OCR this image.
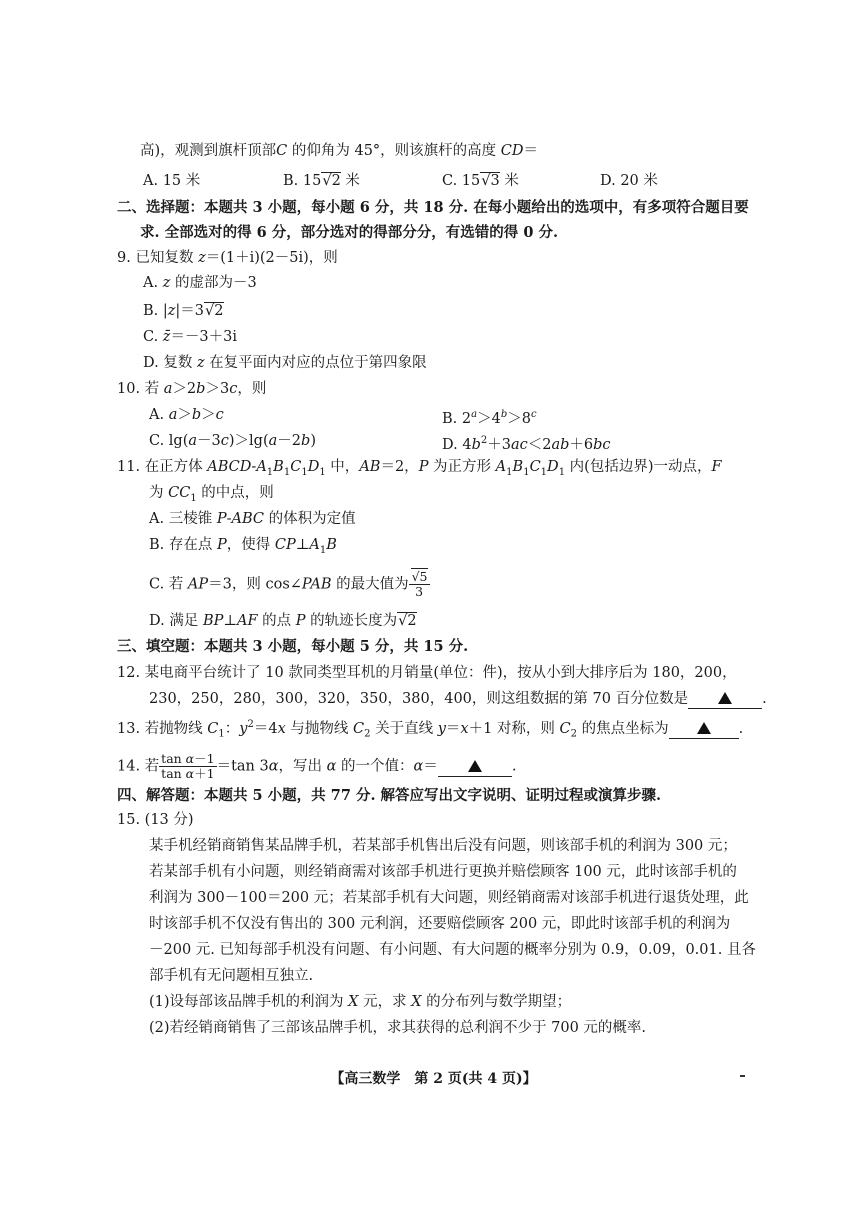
高)，观测到旗杆顶部C 的仰角为 45°，则该旗杆的高度 CD＝
A. 15 米	B. 15√2 米	C. 15√3 米	D. 20 米
二、选择题：本题共 3 小题，每小题 6 分，共 18 分. 在每小题给出的选项中，有多项符合题目要
求. 全部选对的得 6 分，部分选对的得部分分，有选错的得 0 分.
9. 已知复数 z＝(1＋i)(2－5i)，则
A. z 的虚部为－3
B. |z|＝3√2
C. z̄＝－3＋3i
D. 复数 z 在复平面内对应的点位于第四象限
10. 若 a＞2b＞3c，则
A. a＞b＞c	B. $2^a>4^b>8^c$
C. lg(a－3c)＞lg(a－2b)	D. $4b^2+3ac<2ab+6bc$
11. 在正方体 ABCD-$A_1B_1C_1D_1$ 中，AB＝2，P 为正方形 $A_1B_1C_1D_1$ 内(包括边界)一动点，F
为 $CC_1$ 的中点，则
A. 三棱锥 P-ABC 的体积为定值
B. 存在点 P，使得 $CP\perp A_1B$
C. 若 AP＝3，则 cos∠PAB 的最大值为 $\frac{√5}{3}$
D. 满足 BP⊥AF 的点 P 的轨迹长度为√2
三、填空题：本题共 3 小题，每小题 5 分，共 15 分.
12. 某电商平台统计了 10 款同类型耳机的月销量(单位：件)，按从小到大排序后为 180，200，
230，250，280，300，320，350，380，400，则这组数据的第 70 百分位数是	.
13. 若抛物线 $C_1$：$y^2=4x$ 与抛物线 $C_2$ 关于直线 y＝x＋1 对称，则 $C_2$ 的焦点坐标为	.
14. 若 $\frac{\text{tan α－1}}{\text{tan α＋1}} =\tan$ 3α，写出 α 的一个值：α＝	.
四、解答题：本题共 5 小题，共 77 分. 解答应写出文字说明、证明过程或演算步骤.
15. (13 分)
某手机经销商销售某品牌手机，若某部手机售出后没有问题，则该部手机的利润为 300 元；
若某部手机有小问题，则经销商需对该部手机进行更换并赔偿顾客 100 元，此时该部手机的
利润为 300－100＝200 元；若某部手机有大问题，则经销商需对该部手机进行退货处理，此
时该部手机不仅没有售出的 300 元利润，还要赔偿顾客 200 元，即此时该部手机的利润为
－200 元. 已知每部手机没有问题、有小问题、有大问题的概率分别为 0.9，0.09，0.01. 且各
部手机有无问题相互独立.
(1)设每部该品牌手机的利润为 X 元，求 X 的分布列与数学期望；
(2)若经销商销售了三部该品牌手机，求其获得的总利润不少于 700 元的概率.
【高三数学　第 2 页(共 4 页)】
